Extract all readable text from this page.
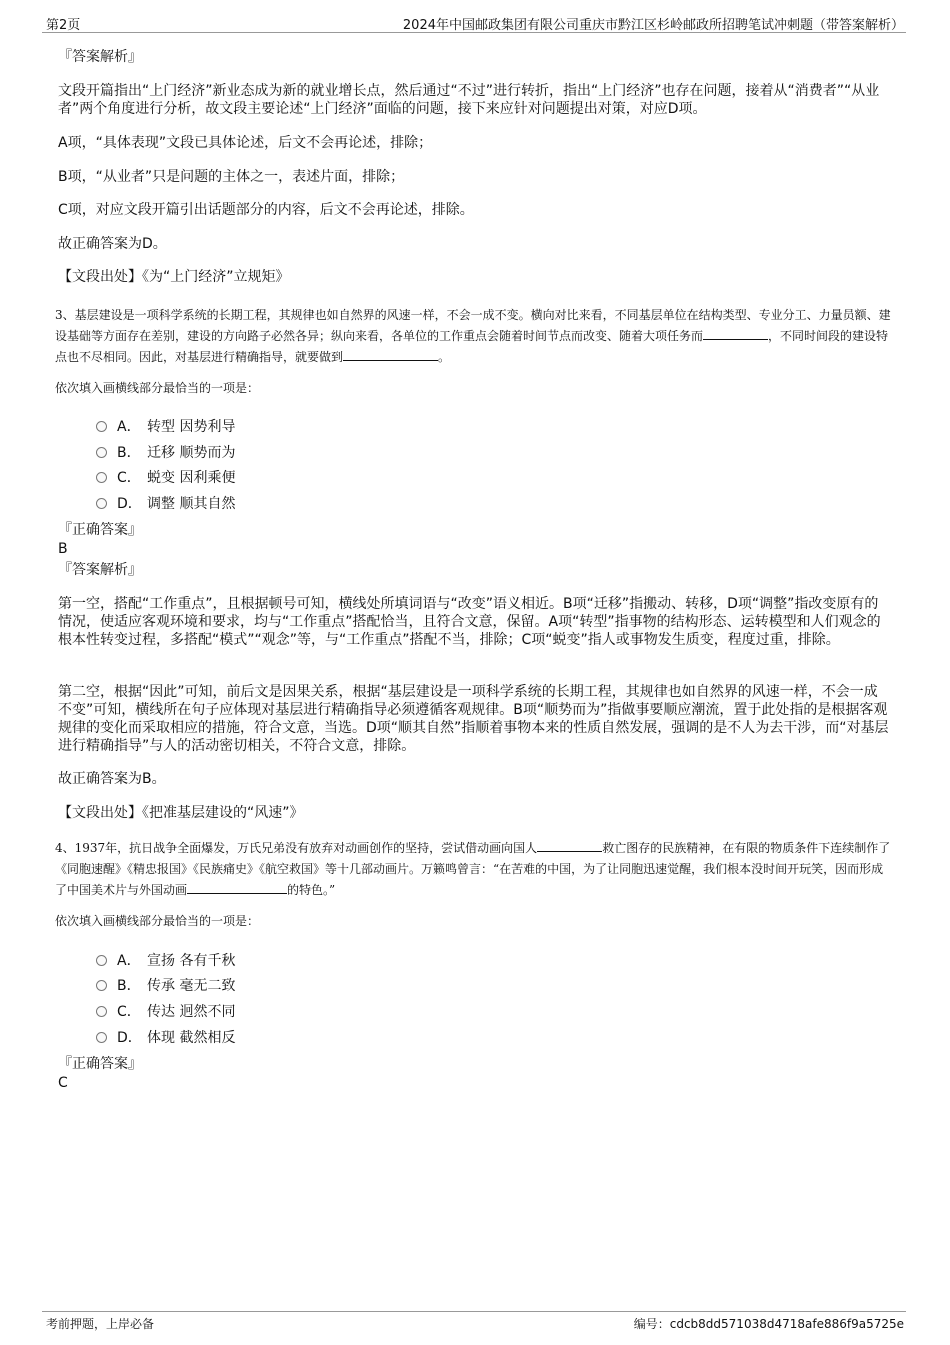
第2页	2024年中国邮政集团有限公司重庆市黔江区杉岭邮政所招聘笔试冲刺题（带答案解析）
『答案解析』
文段开篇指出“上门经济”新业态成为新的就业增长点，然后通过“不过”进行转折，指出“上门经济”也存在问题，接着从“消费者”“从业者”两个角度进行分析，故文段主要论述“上门经济”面临的问题，接下来应针对问题提出对策，对应D项。
A项，“具体表现”文段已具体论述，后文不会再论述，排除；
B项，“从业者”只是问题的主体之一，表述片面，排除；
C项，对应文段开篇引出话题部分的内容，后文不会再论述，排除。
故正确答案为D。
【文段出处】《为“上门经济”立规矩》
3、基层建设是一项科学系统的长期工程，其规律也如自然界的风速一样，不会一成不变。横向对比来看，不同基层单位在结构类型、专业分工、力量员额、建设基础等方面存在差别，建设的方向路子必然各异；纵向来看，各单位的工作重点会随着时间节点而改变、随着大项任务而	，不同时间段的建设特点也不尽相同。因此，对基层进行精确指导，就要做到	。
依次填入画横线部分最恰当的一项是：
A． 转型 因势利导
B． 迁移 顺势而为
C． 蜕变 因利乘便
D． 调整 顺其自然
『正确答案』
B
『答案解析』
第一空，搭配“工作重点”，且根据顿号可知，横线处所填词语与“改变”语义相近。B项“迁移”指搬动、转移，D项“调整”指改变原有的情况，使适应客观环境和要求，均与“工作重点”搭配恰当，且符合文意，保留。A项“转型”指事物的结构形态、运转模型和人们观念的根本性转变过程，多搭配“模式”“观念”等，与“工作重点”搭配不当，排除；C项“蜕变”指人或事物发生质变，程度过重，排除。
第二空，根据“因此”可知，前后文是因果关系，根据“基层建设是一项科学系统的长期工程，其规律也如自然界的风速一样，不会一成不变”可知，横线所在句子应体现对基层进行精确指导必须遵循客观规律。B项“顺势而为”指做事要顺应潮流，置于此处指的是根据客观规律的变化而采取相应的措施，符合文意，当选。D项“顺其自然”指顺着事物本来的性质自然发展，强调的是不人为去干涉，而“对基层进行精确指导”与人的活动密切相关，不符合文意，排除。
故正确答案为B。
【文段出处】《把准基层建设的“风速”》
4、1937年，抗日战争全面爆发，万氏兄弟没有放弃对动画创作的坚持，尝试借动画向国人	救亡图存的民族精神，在有限的物质条件下连续制作了《同胞速醒》《精忠报国》《民族痛史》《航空救国》等十几部动画片。万籁鸣曾言：“在苦难的中国，为了让同胞迅速觉醒，我们根本没时间开玩笑，因而形成了中国美术片与外国动画	的特色。”
依次填入画横线部分最恰当的一项是：
A． 宣扬 各有千秋
B． 传承 毫无二致
C． 传达 迥然不同
D． 体现 截然相反
『正确答案』
C
考前押题，上岸必备	编号：cdcb8dd571038d4718afe886f9a5725e
